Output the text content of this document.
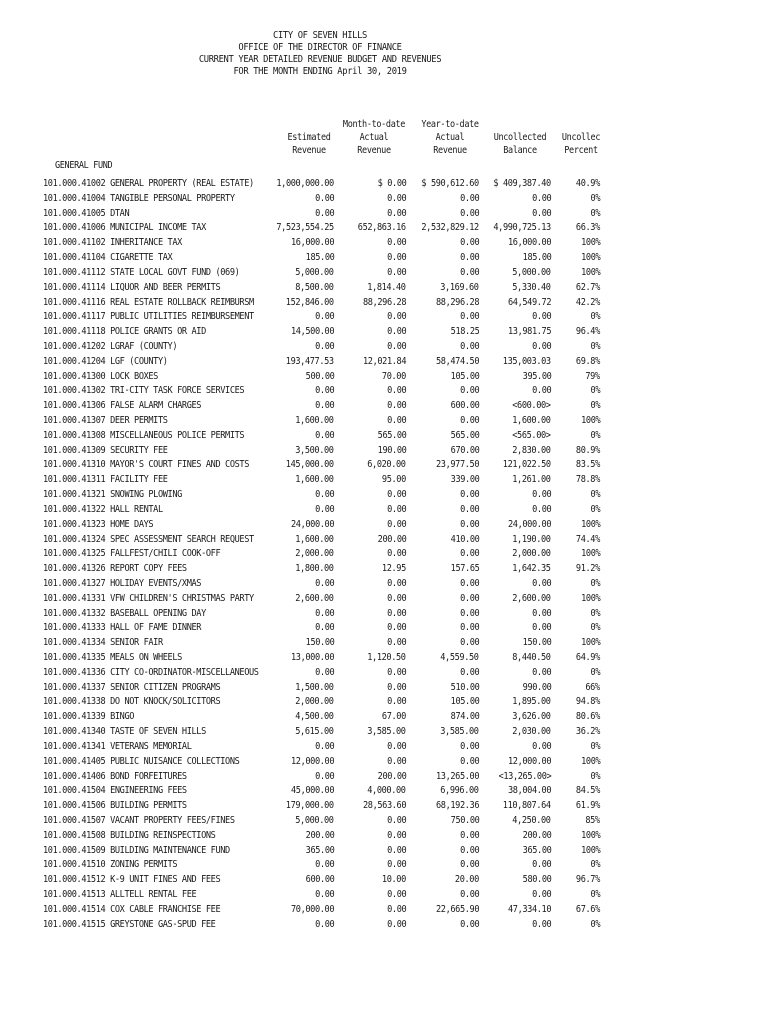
CITY OF SEVEN HILLS
OFFICE OF THE DIRECTOR OF FINANCE
CURRENT YEAR DETAILED REVENUE BUDGET AND REVENUES
FOR THE MONTH ENDING April 30, 2019
Estimated
Revenue
Month-to-date
Actual
Revenue
Year-to-date
Actual
Revenue
Uncollected
Balance
Uncollec
Percent
GENERAL FUND
101.000.41002 GENERAL PROPERTY (REAL ESTATE) 1,000,000.00	$ 0.00 $ 590,612.60 $ 409,387.40	40.9%
101.000.41004 TANGIBLE PERSONAL PROPERTY	0.00	0.00	0.00	0.00	0%
101.000.41005 DTAN	0.00	0.00	0.00	0.00	0%
101.000.41006 MUNICIPAL INCOME TAX	7,523,554.25 652,863.16 2,532,829.12 4,990,725.13	66.3%
101.000.41102 INHERITANCE TAX	16,000.00	0.00	0.00	16,000.00	100%
101.000.41104 CIGARETTE TAX	185.00	0.00	0.00	185.00	100%
101.000.41112 STATE LOCAL GOVT FUND (069)	5,000.00	0.00	0.00	5,000.00	100%
101.000.41114 LIQUOR AND BEER PERMITS	8,500.00	1,814.40	3,169.60	5,330.40	62.7%
101.000.41116 REAL ESTATE ROLLBACK REIMBURSM	152,846.00	88,296.28	88,296.28	64,549.72	42.2%
101.000.41117 PUBLIC UTILITIES REIMBURSEMENT	0.00	0.00	0.00	0.00	0%
101.000.41118 POLICE GRANTS OR AID	14,500.00	0.00	518.25	13,981.75	96.4%
101.000.41202 LGRAF (COUNTY)	0.00	0.00	0.00	0.00	0%
101.000.41204 LGF (COUNTY)	193,477.53	12,021.84	58,474.50 135,003.03	69.8%
101.000.41300 LOCK BOXES	500.00	70.00	105.00	395.00	79%
101.000.41302 TRI-CITY TASK FORCE SERVICES	0.00	0.00	0.00	0.00	0%
101.000.41306 FALSE ALARM CHARGES	0.00	0.00	600.00	<600.00>	0%
101.000.41307 DEER PERMITS	1,600.00	0.00	0.00	1,600.00	100%
101.000.41308 MISCELLANEOUS POLICE PERMITS	0.00	565.00	565.00	<565.00>	0%
101.000.41309 SECURITY FEE	3,500.00	190.00	670.00	2,830.00	80.9%
101.000.41310 MAYOR'S COURT FINES AND COSTS	145,000.00	6,020.00	23,977.50 121,022.50	83.5%
101.000.41311 FACILITY FEE	1,600.00	95.00	339.00	1,261.00	78.8%
101.000.41321 SNOWING PLOWING	0.00	0.00	0.00	0.00	0%
101.000.41322 HALL RENTAL	0.00	0.00	0.00	0.00	0%
101.000.41323 HOME DAYS	24,000.00	0.00	0.00	24,000.00	100%
101.000.41324 SPEC ASSESSMENT SEARCH REQUEST	1,600.00	200.00	410.00	1,190.00	74.4%
101.000.41325 FALLFEST/CHILI COOK-OFF	2,000.00	0.00	0.00	2,000.00	100%
101.000.41326 REPORT COPY FEES	1,800.00	12.95	157.65	1,642.35	91.2%
101.000.41327 HOLIDAY EVENTS/XMAS	0.00	0.00	0.00	0.00	0%
101.000.41331 VFW CHILDREN'S CHRISTMAS PARTY	2,600.00	0.00	0.00	2,600.00	100%
101.000.41332 BASEBALL OPENING DAY	0.00	0.00	0.00	0.00	0%
101.000.41333 HALL OF FAME DINNER	0.00	0.00	0.00	0.00	0%
101.000.41334 SENIOR FAIR	150.00	0.00	0.00	150.00	100%
101.000.41335 MEALS ON WHEELS	13,000.00	1,120.50	4,559.50	8,440.50	64.9%
101.000.41336 CITY CO-ORDINATOR-MISCELLANEOUS	0.00	0.00	0.00	0.00	0%
101.000.41337 SENIOR CITIZEN PROGRAMS	1,500.00	0.00	510.00	990.00	66%
101.000.41338 DO NOT KNOCK/SOLICITORS	2,000.00	0.00	105.00	1,895.00	94.8%
101.000.41339 BINGO	4,500.00	67.00	874.00	3,626.00	80.6%
101.000.41340 TASTE OF SEVEN HILLS	5,615.00	3,585.00	3,585.00	2,030.00	36.2%
101.000.41341 VETERANS MEMORIAL	0.00	0.00	0.00	0.00	0%
101.000.41405 PUBLIC NUISANCE COLLECTIONS	12,000.00	0.00	0.00	12,000.00	100%
101.000.41406 BOND FORFEITURES	0.00	200.00	13,265.00 <13,265.00>	0%
101.000.41504 ENGINEERING FEES	45,000.00	4,000.00	6,996.00	38,004.00	84.5%
101.000.41506 BUILDING PERMITS	179,000.00	28,563.60	68,192.36 110,807.64	61.9%
101.000.41507 VACANT PROPERTY FEES/FINES	5,000.00	0.00	750.00	4,250.00	85%
101.000.41508 BUILDING REINSPECTIONS	200.00	0.00	0.00	200.00	100%
101.000.41509 BUILDING MAINTENANCE FUND	365.00	0.00	0.00	365.00	100%
101.000.41510 ZONING PERMITS	0.00	0.00	0.00	0.00	0%
101.000.41512 K-9 UNIT FINES AND FEES	600.00	10.00	20.00	580.00	96.7%
101.000.41513 ALLTELL RENTAL FEE	0.00	0.00	0.00	0.00	0%
101.000.41514 COX CABLE FRANCHISE FEE	70,000.00	0.00	22,665.90	47,334.10	67.6%
101.000.41515 GREYSTONE GAS-SPUD FEE	0.00	0.00	0.00	0.00	0%
